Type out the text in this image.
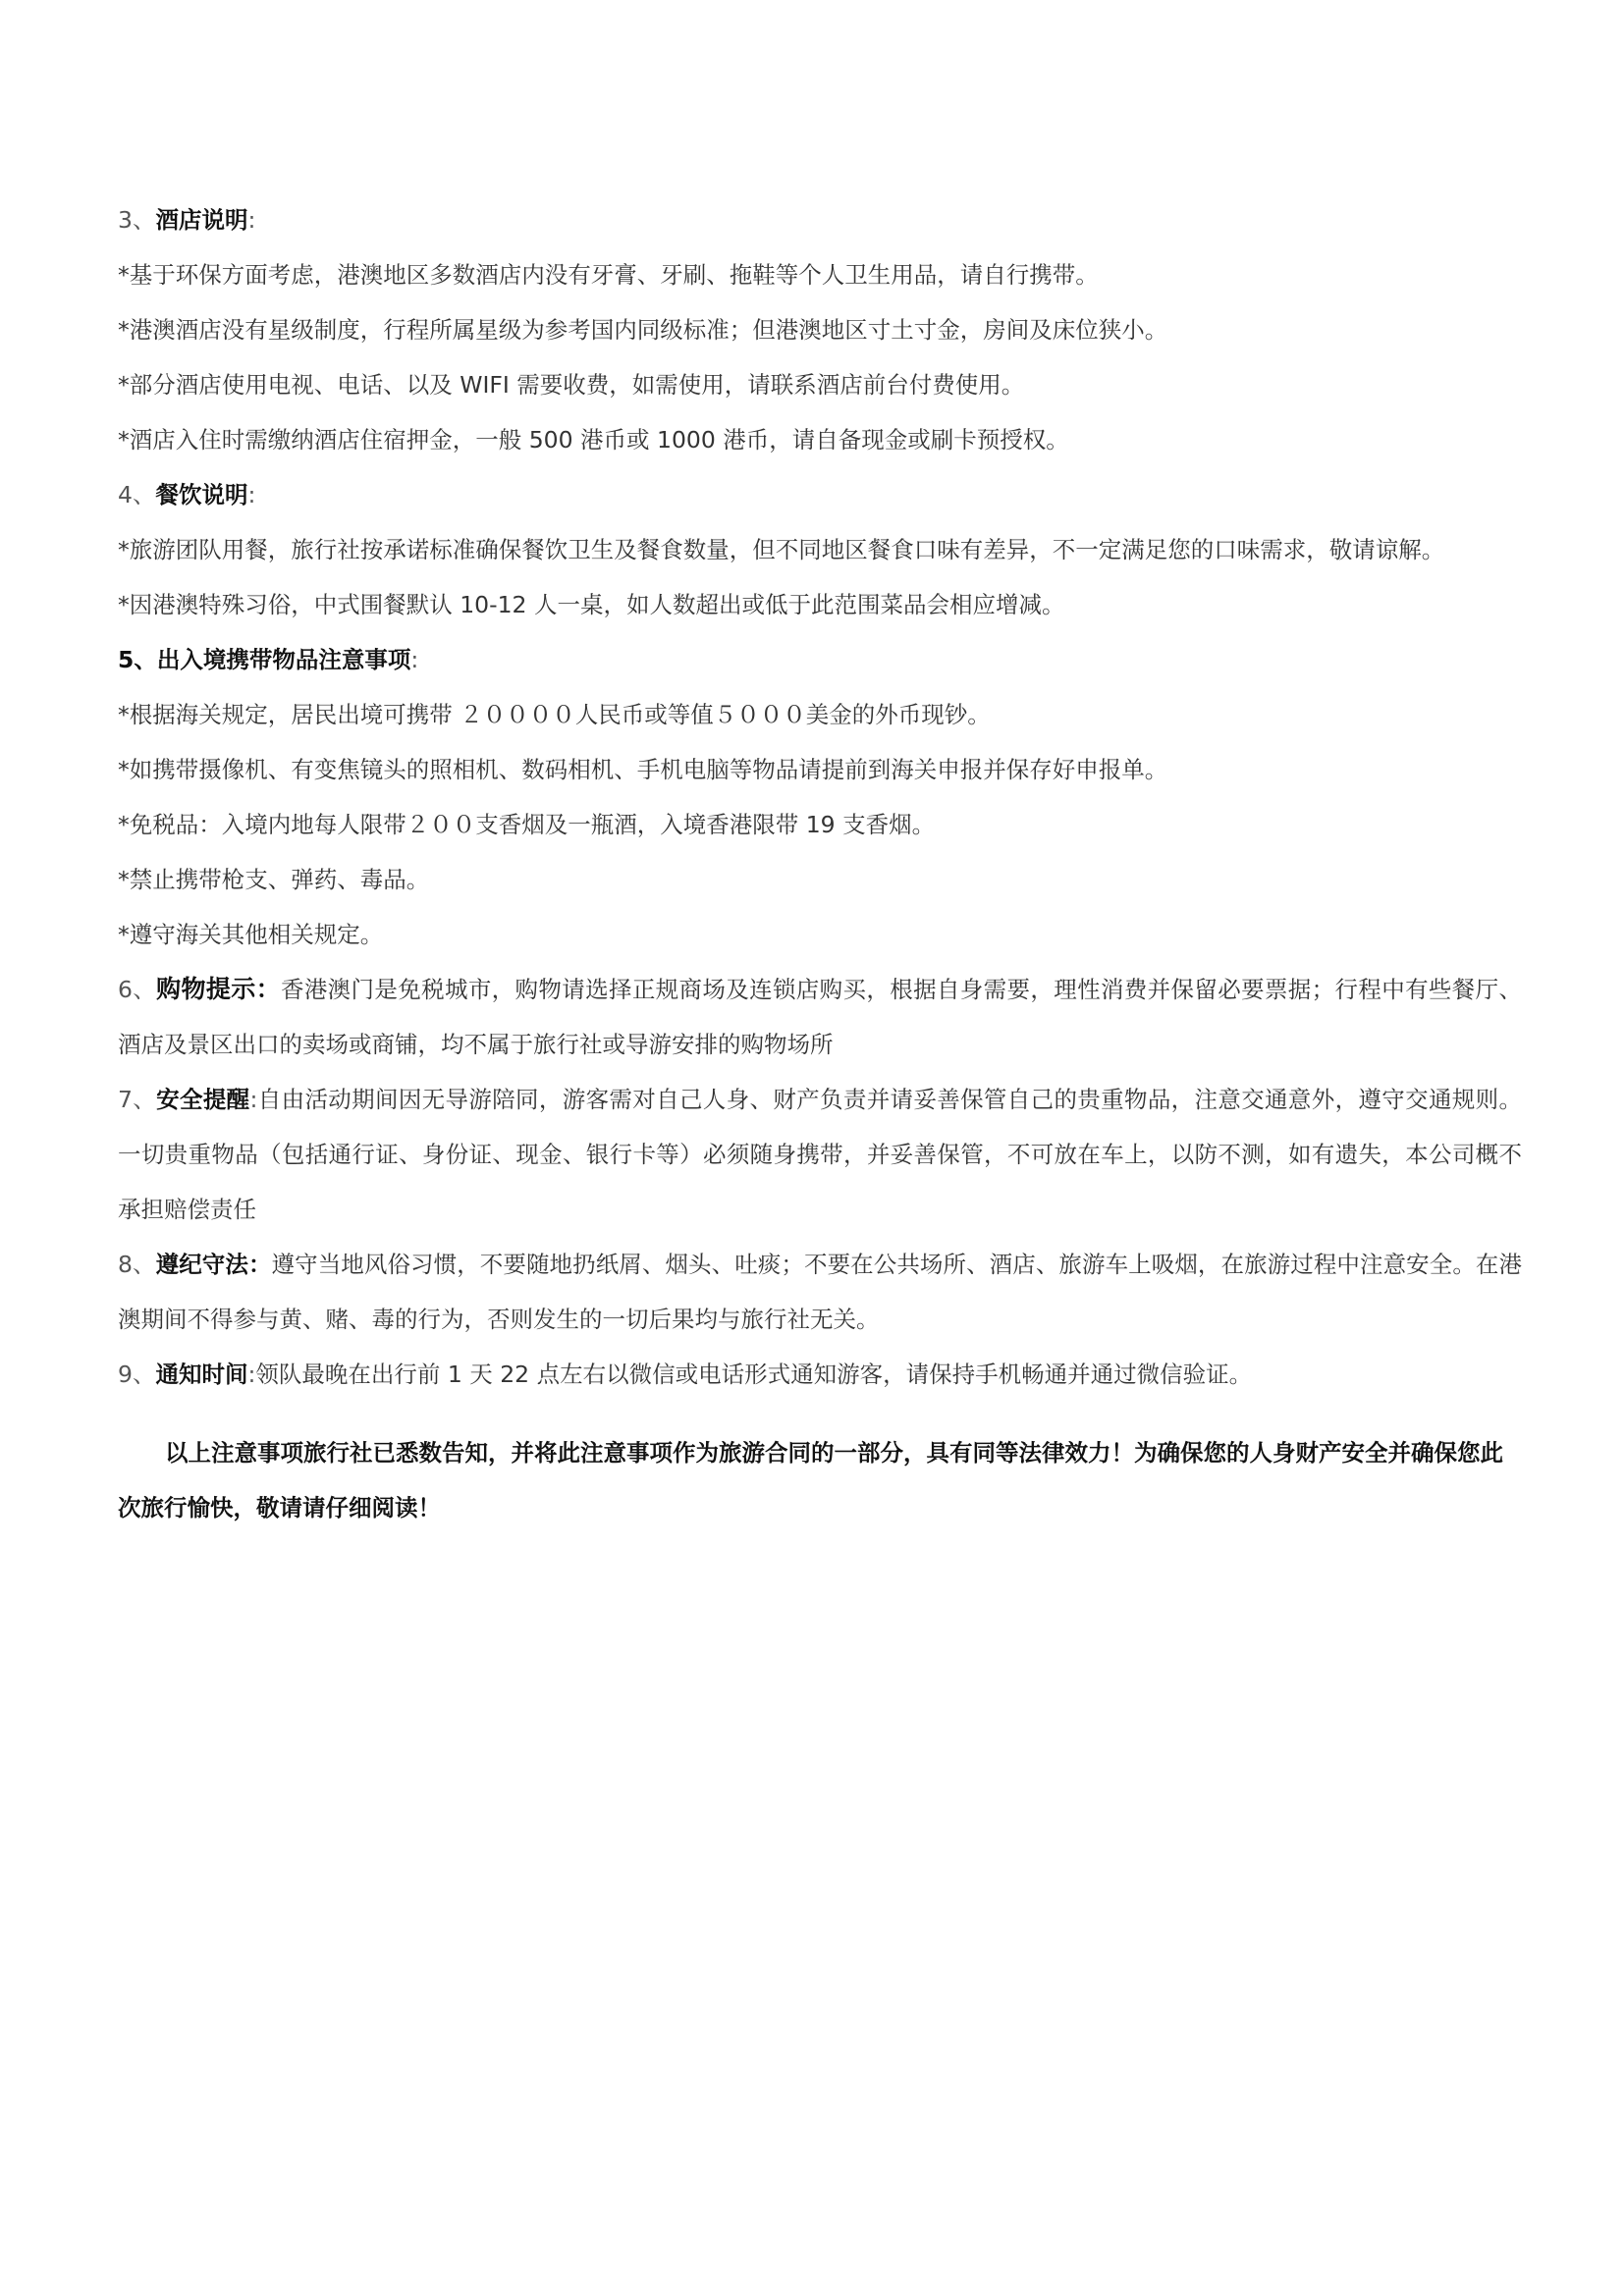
3、酒店说明:

*基于环保方面考虑，港澳地区多数酒店内没有牙膏、牙刷、拖鞋等个人卫生用品，请自行携带。

*港澳酒店没有星级制度，行程所属星级为参考国内同级标准；但港澳地区寸土寸金，房间及床位狭小。

*部分酒店使用电视、电话、以及 WIFI 需要收费，如需使用，请联系酒店前台付费使用。

*酒店入住时需缴纳酒店住宿押金，一般 500 港币或 1000 港币，请自备现金或刷卡预授权。

4、餐饮说明:

*旅游团队用餐，旅行社按承诺标准确保餐饮卫生及餐食数量，但不同地区餐食口味有差异，不一定满足您的口味需求，敬请谅解。

*因港澳特殊习俗，中式围餐默认 10-12 人一桌，如人数超出或低于此范围菜品会相应增减。

5、出入境携带物品注意事项:

*根据海关规定，居民出境可携带 ２００００人民币或等值５０００美金的外币现钞。

*如携带摄像机、有变焦镜头的照相机、数码相机、手机电脑等物品请提前到海关申报并保存好申报单。

*免税品：入境内地每人限带２００支香烟及一瓶酒，入境香港限带 19 支香烟。

*禁止携带枪支、弹药、毒品。

*遵守海关其他相关规定。

6、购物提示：香港澳门是免税城市，购物请选择正规商场及连锁店购买，根据自身需要，理性消费并保留必要票据；行程中有些餐厅、酒店及景区出口的卖场或商铺，均不属于旅行社或导游安排的购物场所

7、安全提醒:自由活动期间因无导游陪同，游客需对自己人身、财产负责并请妥善保管自己的贵重物品，注意交通意外，遵守交通规则。一切贵重物品（包括通行证、身份证、现金、银行卡等）必须随身携带，并妥善保管，不可放在车上，以防不测，如有遗失，本公司概不承担赔偿责任

8、遵纪守法：遵守当地风俗习惯，不要随地扔纸屑、烟头、吐痰；不要在公共场所、酒店、旅游车上吸烟，在旅游过程中注意安全。在港澳期间不得参与黄、赌、毒的行为，否则发生的一切后果均与旅行社无关。

9、通知时间:领队最晚在出行前 1 天 22 点左右以微信或电话形式通知游客，请保持手机畅通并通过微信验证。

以上注意事项旅行社已悉数告知，并将此注意事项作为旅游合同的一部分，具有同等法律效力！为确保您的人身财产安全并确保您此次旅行愉快，敬请请仔细阅读！
